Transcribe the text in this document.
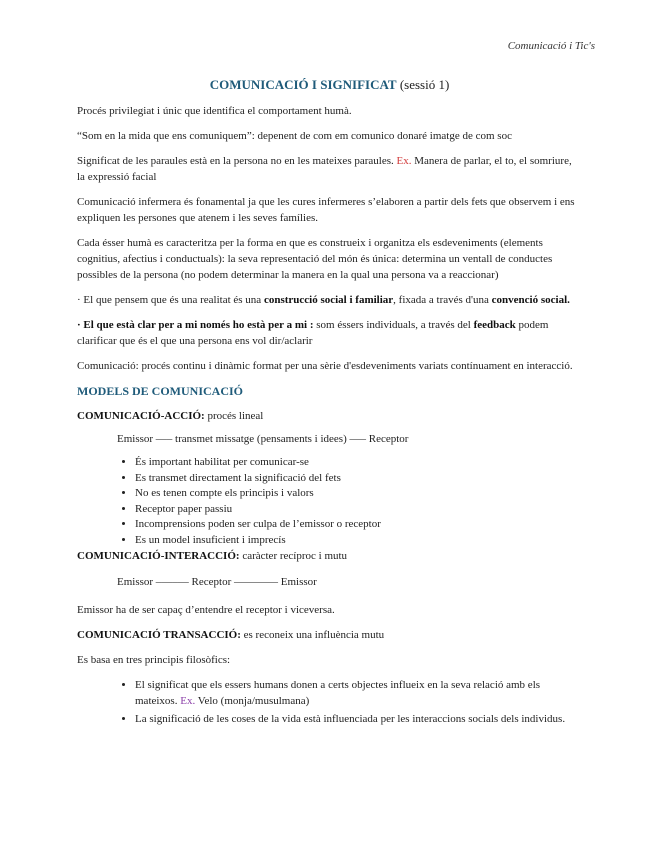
Comunicació i Tic's
COMUNICACIÓ I SIGNIFICAT (sessió 1)

Procés privilegiat i únic que identifica el comportament humà.

“Som en la mida que ens comuniquem”: depenent de com em comunico donaré imatge de com soc

Significat de les paraules està en la persona no en les mateixes paraules. Ex. Manera de parlar, el to, el somriure, la expressió facial

Comunicació infermera és fonamental ja que les cures infermeres s’elaboren a partir dels fets que observem i ens expliquen les persones que atenem i les seves famílies.

Cada ésser humà es caracteritza per la forma en que es construeix i organitza els esdeveniments (elements cognitius, afectius i conductuals): la seva representació del món és única: determina un ventall de conductes possibles de la persona (no podem determinar la manera en la qual una persona va a reaccionar)

· El que pensem que és una realitat és una construcció social i familiar, fixada a través d'una convenció social.

· El que està clar per a mi només ho està per a mi : som éssers individuals, a través del feedback podem clarificar que és el que una persona ens vol dir/aclarir

Comunicació: procés continu i dinàmic format per una sèrie d'esdeveniments variats contínuament en interacció.

MODELS DE COMUNICACIÓ
COMUNICACIÓ-ACCIÓ: procés lineal
Emissor —– transmet missatge (pensaments i idees) –— Receptor
• És important habilitat per comunicar-se
• Es transmet directament la significació del fets
• No es tenen compte els principis i valors
• Receptor paper passiu
• Incomprensions poden ser culpa de l’emissor o receptor
• Es un model insuficient i imprecís
COMUNICACIÓ-INTERACCIÓ: caràcter recíproc i mutu
Emissor –—–— Receptor —–—–— Emissor

Emissor ha de ser capaç d’entendre el receptor i viceversa.

COMUNICACIÓ TRANSACCIÓ: es reconeix una influència mutu

Es basa en tres principis filosòfics:

• El significat que els essers humans donen a certs objectes influeix en la seva relació amb els mateixos. Ex. Velo (monja/musulmana)
• La significació de les coses de la vida està influenciada per les interaccions socials dels individus.
